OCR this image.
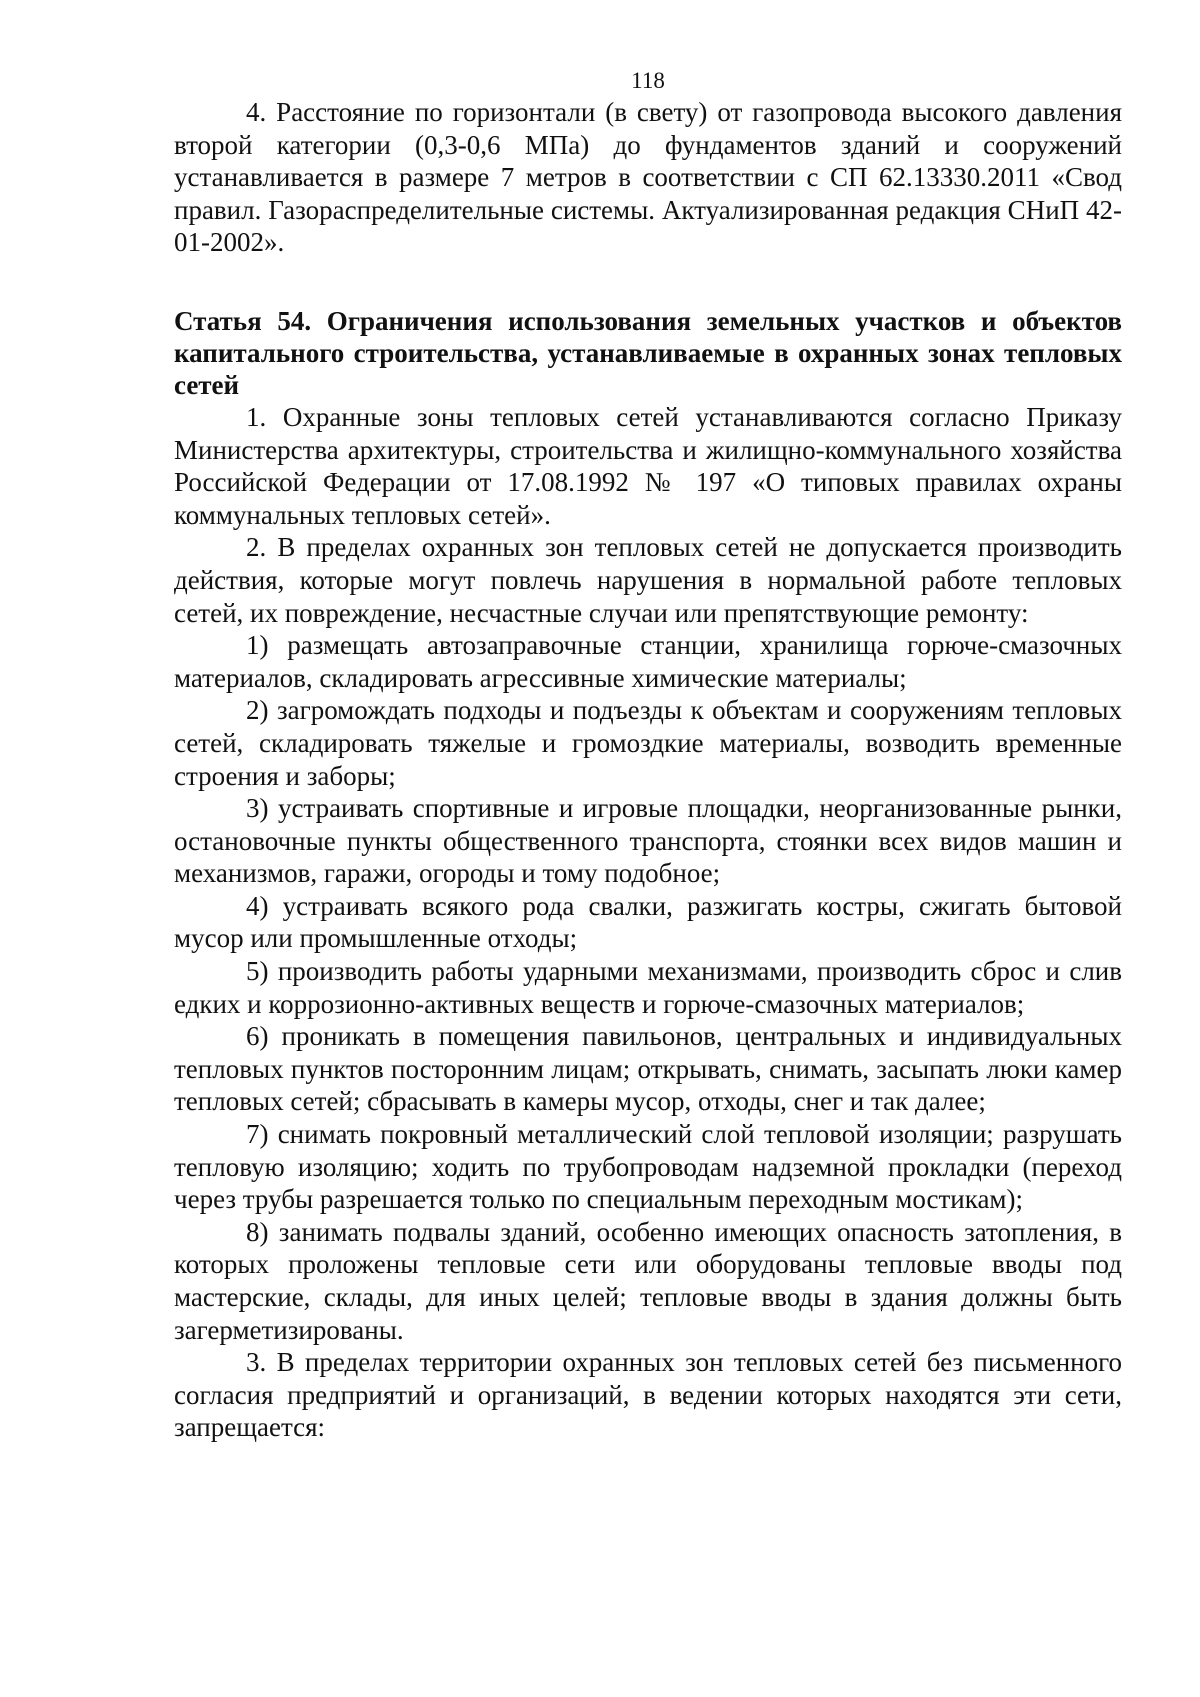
118

4. Расстояние по горизонтали (в свету) от газопровода высокого давления второй категории (0,3-0,6 МПа) до фундаментов зданий и сооружений устанавливается в размере 7 метров в соответствии с СП 62.13330.2011 «Свод правил. Газораспределительные системы. Актуализированная редакция СНиП 42-01-2002».

Статья 54. Ограничения использования земельных участков и объектов капитального строительства, устанавливаемые в охранных зонах тепловых сетей

1. Охранные зоны тепловых сетей устанавливаются согласно Приказу Министерства архитектуры, строительства и жилищно-коммунального хозяйства Российской Федерации от 17.08.1992 № 197 «О типовых правилах охраны коммунальных тепловых сетей».

2. В пределах охранных зон тепловых сетей не допускается производить действия, которые могут повлечь нарушения в нормальной работе тепловых сетей, их повреждение, несчастные случаи или препятствующие ремонту:

1) размещать автозаправочные станции, хранилища горюче-смазочных материалов, складировать агрессивные химические материалы;

2) загромождать подходы и подъезды к объектам и сооружениям тепловых сетей, складировать тяжелые и громоздкие материалы, возводить временные строения и заборы;

3) устраивать спортивные и игровые площадки, неорганизованные рынки, остановочные пункты общественного транспорта, стоянки всех видов машин и механизмов, гаражи, огороды и тому подобное;

4) устраивать всякого рода свалки, разжигать костры, сжигать бытовой мусор или промышленные отходы;

5) производить работы ударными механизмами, производить сброс и слив едких и коррозионно-активных веществ и горюче-смазочных материалов;

6) проникать в помещения павильонов, центральных и индивидуальных тепловых пунктов посторонним лицам; открывать, снимать, засыпать люки камер тепловых сетей; сбрасывать в камеры мусор, отходы, снег и так далее;

7) снимать покровный металлический слой тепловой изоляции; разрушать тепловую изоляцию; ходить по трубопроводам надземной прокладки (переход через трубы разрешается только по специальным переходным мостикам);

8) занимать подвалы зданий, особенно имеющих опасность затопления, в которых проложены тепловые сети или оборудованы тепловые вводы под мастерские, склады, для иных целей; тепловые вводы в здания должны быть загерметизированы.

3. В пределах территории охранных зон тепловых сетей без письменного согласия предприятий и организаций, в ведении которых находятся эти сети, запрещается:
